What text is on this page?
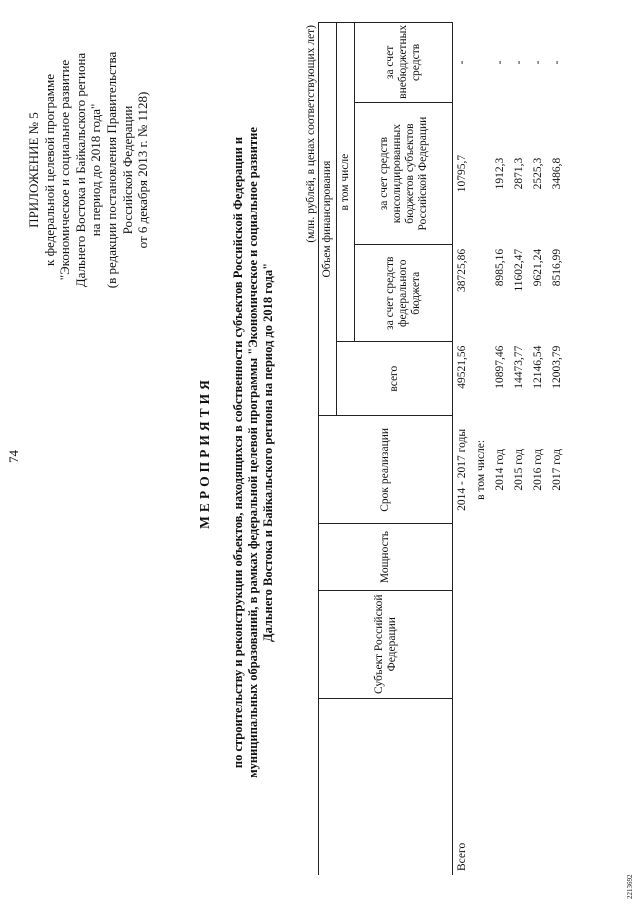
74
ПРИЛОЖЕНИЕ № 5 к федеральной целевой программе "Экономическое и социальное развитие Дальнего Востока и Байкальского региона на период до 2018 года" (в редакции постановления Правительства Российской Федерации от 6 декабря 2013 г. № 1128)
МЕРОПРИЯТИЯ по строительству и реконструкции объектов, находящихся в собственности субъектов Российской Федерации и муниципальных образований, в рамках федеральной целевой программы "Экономическое и социальное развитие Дальнего Востока и Байкальского региона на период до 2018 года"
(млн. рублей, в ценах соответствующих лет)
	Субъект Российской Федерации	Мощность	Срок реализации	Объем финансирования			
				всего	в том числе		
					за счет средств федерального бюджета	за счет средств консолидированных бюджетов субъектов Российской Федерации	за счет внебюджетных средств
Всего			2014 - 2017 годы	49521,56	38725,86	10795,7	-
			в том числе:				
			2014 год	10897,46	8985,16	1912,3	-
			2015 год	14473,77	11602,47	2871,3	-
			2016 год	12146,54	9621,24	2525,3	-
			2017 год	12003,79	8516,99	3486,8	-
2213692
